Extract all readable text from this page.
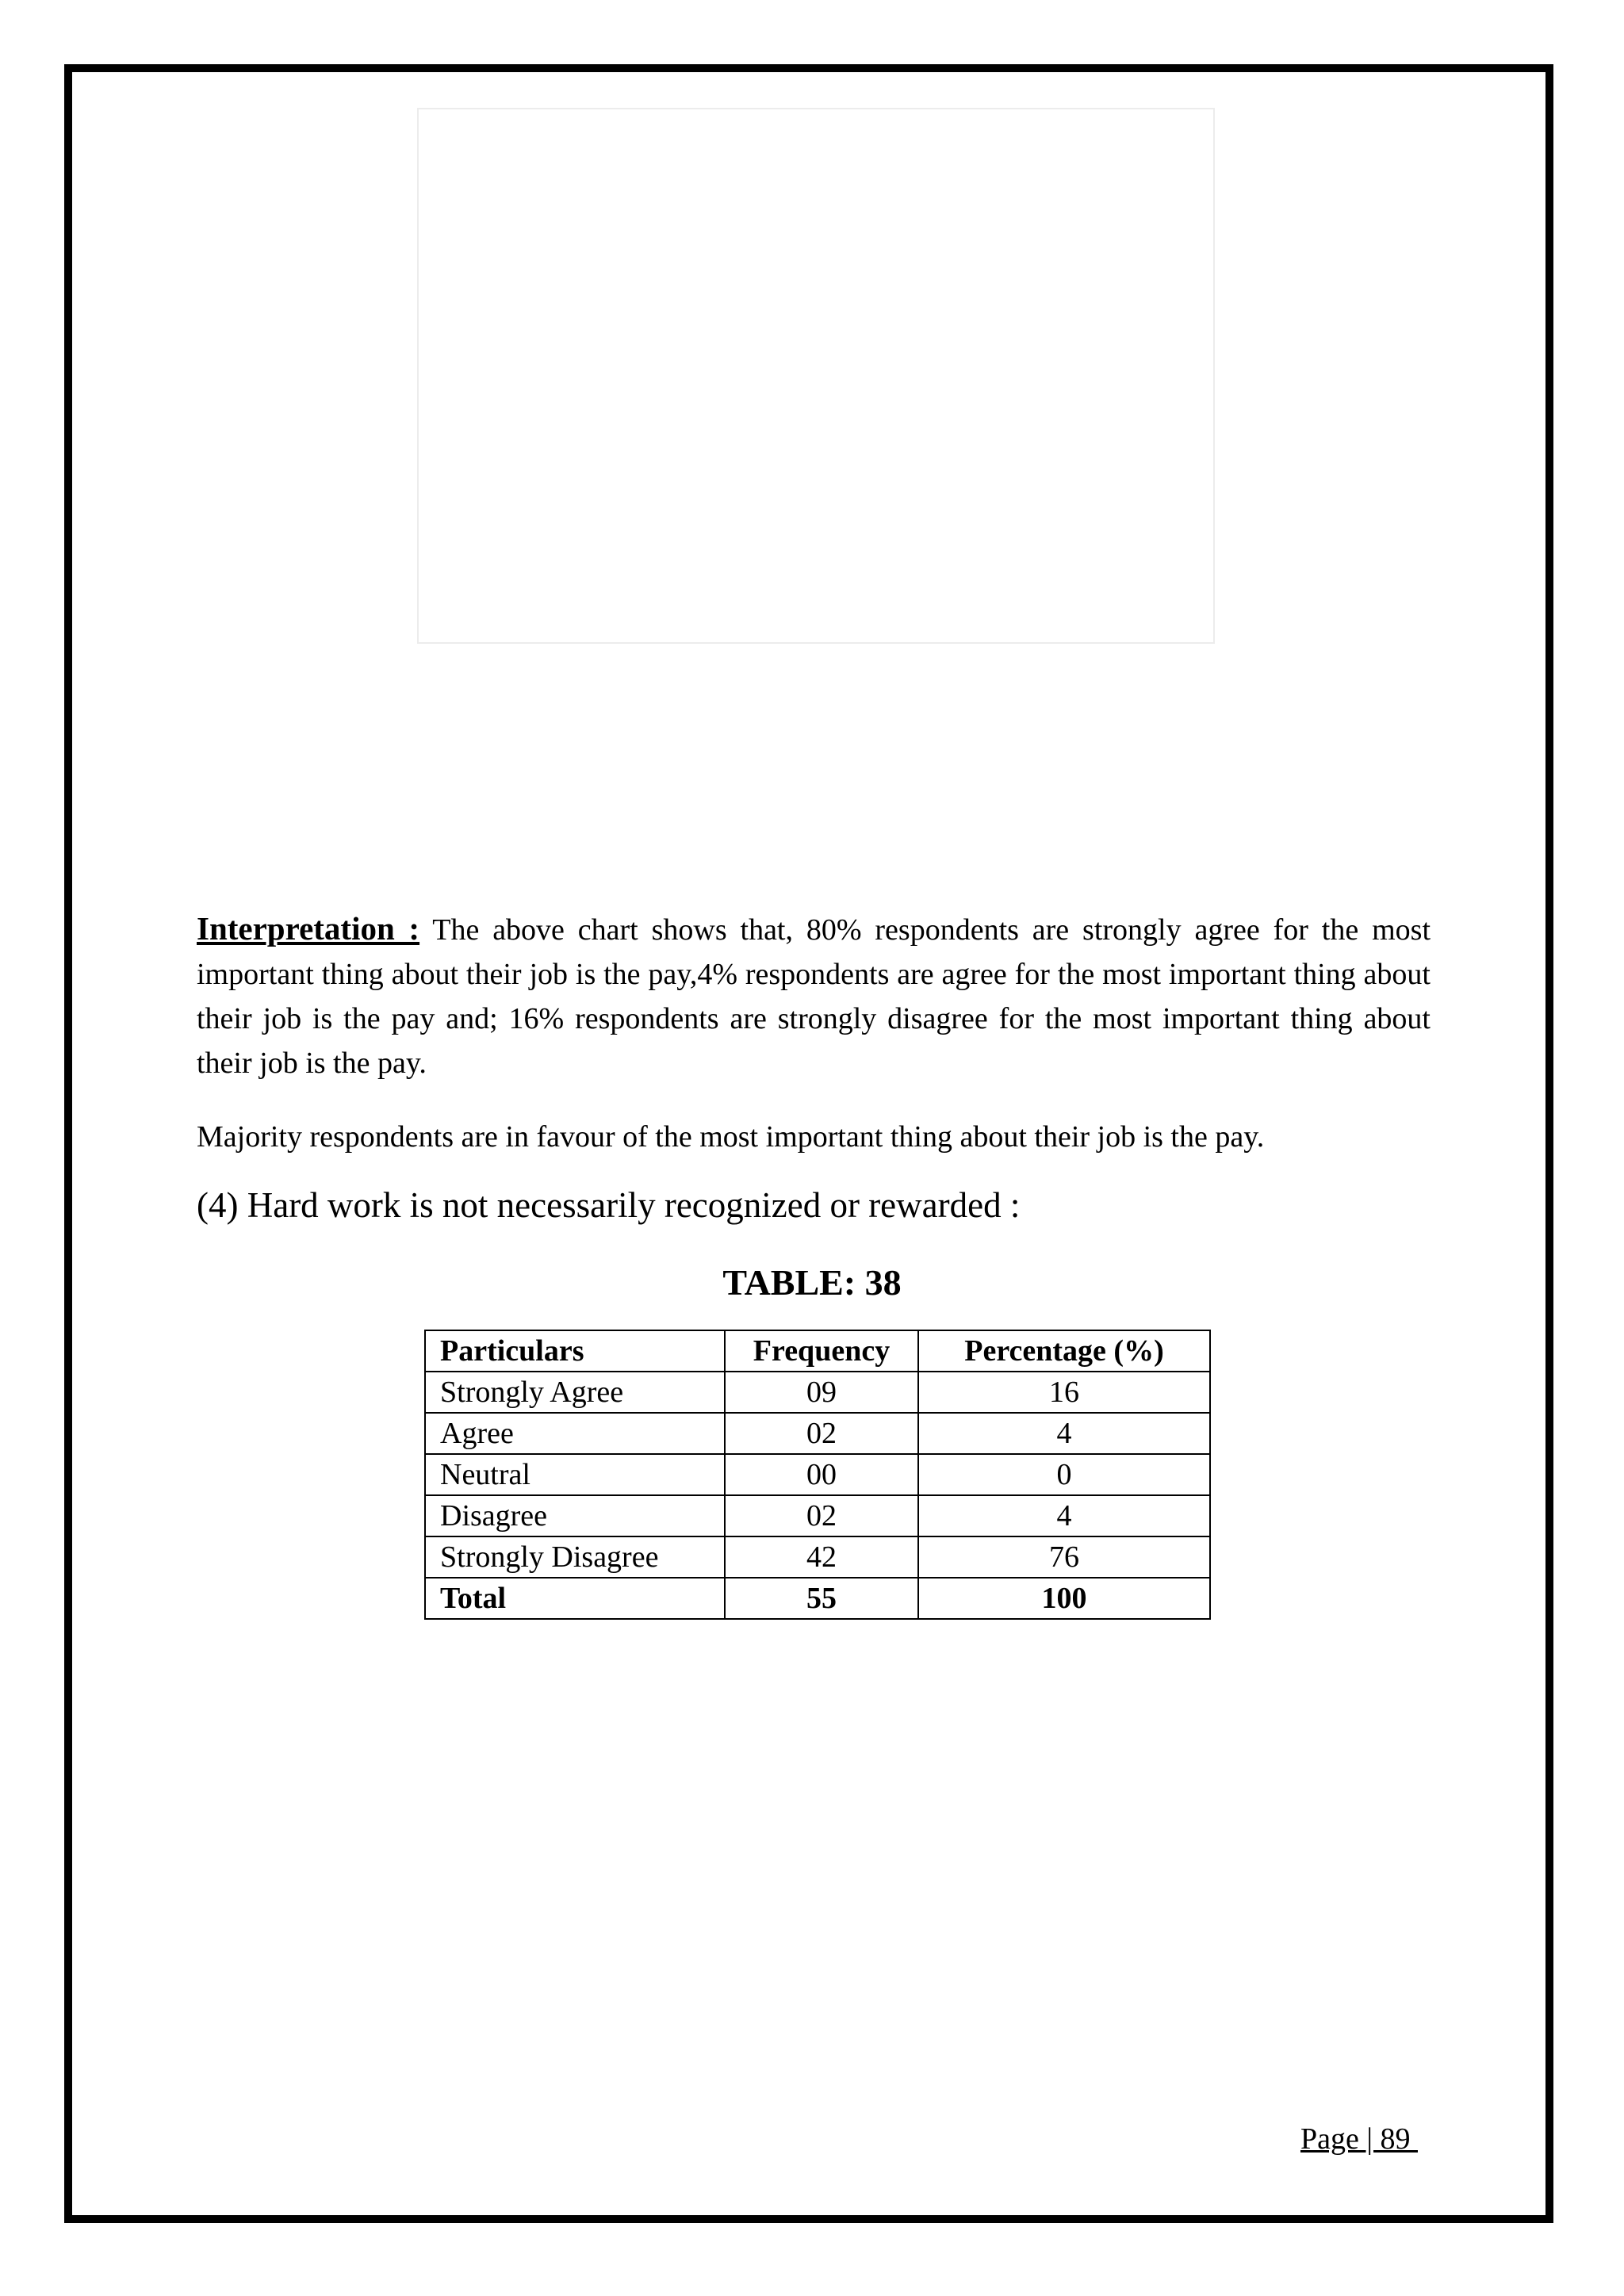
Interpretation : The above chart shows that, 80% respondents are strongly agree for the most important thing about their job is the pay,4% respondents are agree for the most important thing about their job is the pay and; 16% respondents are strongly disagree for the most important thing about their job is the pay.

Majority respondents are in favour of the most important thing about their job is the pay.

(4) Hard work is not necessarily recognized or rewarded :

TABLE: 38

Particulars	Frequency	Percentage (%)
Strongly Agree	09	16
Agree	02	4
Neutral	00	0
Disagree	02	4
Strongly Disagree	42	76
Total	55	100
Page | 89
